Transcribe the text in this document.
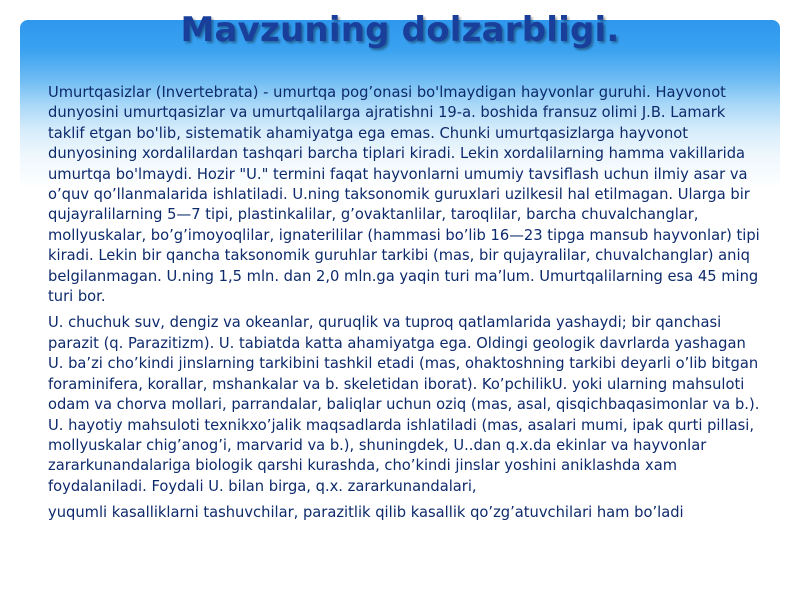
Mavzuning dolzarbligi.

Umurtqasizlar (Invertebrata) - umurtqa pog’onasi bo'lmaydigan hayvonlar guruhi. Hayvonot dunyosini umurtqasizlar va umurtqalilarga ajratishni 19-a. boshida fransuz olimi J.B. Lamark taklif etgan bo'lib, sistematik ahamiyatga ega emas. Chunki umurtqasizlarga hayvonot dunyosining xordalilardan tashqari barcha tiplari kiradi. Lekin xordalilarning hamma vakillarida umurtqa bo'lmaydi. Hozir "U." termini faqat hayvonlarni umumiy tavsiflash uchun ilmiy asar va o’quv qo’llanmalarida ishlatiladi. U.ning taksonomik guruxlari uzilkesil hal etilmagan. Ularga bir qujayralilarning 5—7 tipi, plastinkalilar, g’ovaktanlilar, taroqlilar, barcha chuvalchanglar, mollyuskalar, bo’g’imoyoqlilar, ignaterililar (hammasi bo’lib 16—23 tipga mansub hayvonlar) tipi kiradi. Lekin bir qancha taksonomik guruhlar tarkibi (mas, bir qujayralilar, chuvalchanglar) aniq belgilanmagan. U.ning 1,5 mln. dan 2,0 mln.ga yaqin turi ma’lum. Umurtqalilarning esa 45 ming turi bor.

U. chuchuk suv, dengiz va okeanlar, quruqlik va tuproq qatlamlarida yashaydi; bir qanchasi parazit (q. Parazitizm). U. tabiatda katta ahamiyatga ega. Oldingi geologik davrlarda yashagan U. ba’zi cho’kindi jinslarning tarkibini tashkil etadi (mas, ohaktoshning tarkibi deyarli o’lib bitgan foraminifera, korallar, mshankalar va b. skeletidan iborat). Ko’pchilikU. yoki ularning mahsuloti odam va chorva mollari, parrandalar, baliqlar uchun oziq (mas, asal, qisqichbaqasimonlar va b.). U. hayotiy mahsuloti texnikxo’jalik maqsadlarda ishlatiladi (mas, asalari mumi, ipak qurti pillasi, mollyuskalar chig’anog’i, marvarid va b.), shuningdek, U..dan q.x.da ekinlar va hayvonlar zararkunandalariga biologik qarshi kurashda, cho’kindi jinslar yoshini aniklashda xam foydalaniladi. Foydali U. bilan birga, q.x. zararkunandalari,

yuqumli kasalliklarni tashuvchilar, parazitlik qilib kasallik qo’zg’atuvchilari ham bo’ladi
